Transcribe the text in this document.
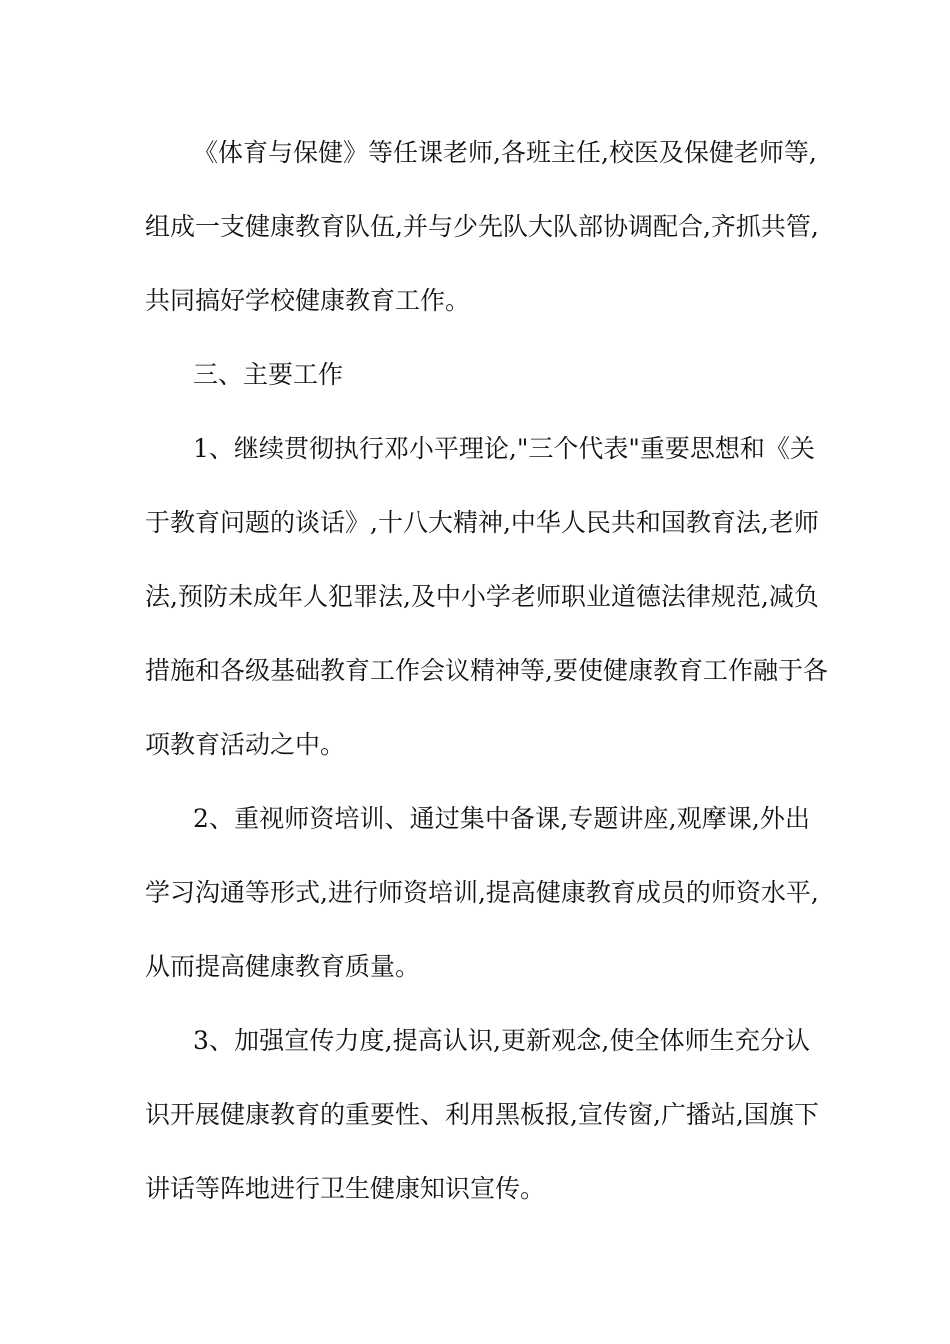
《体育与保健》等任课老师,各班主任,校医及保健老师等,
组成一支健康教育队伍,并与少先队大队部协调配合,齐抓共管,
共同搞好学校健康教育工作。
三、主要工作
1、继续贯彻执行邓小平理论,"三个代表"重要思想和《关
于教育问题的谈话》,十八大精神,中华人民共和国教育法,老师
法,预防未成年人犯罪法,及中小学老师职业道德法律规范,减负
措施和各级基础教育工作会议精神等,要使健康教育工作融于各
项教育活动之中。
2、重视师资培训、通过集中备课,专题讲座,观摩课,外出
学习沟通等形式,进行师资培训,提高健康教育成员的师资水平,
从而提高健康教育质量。
3、加强宣传力度,提高认识,更新观念,使全体师生充分认
识开展健康教育的重要性、利用黑板报,宣传窗,广播站,国旗下
讲话等阵地进行卫生健康知识宣传。
